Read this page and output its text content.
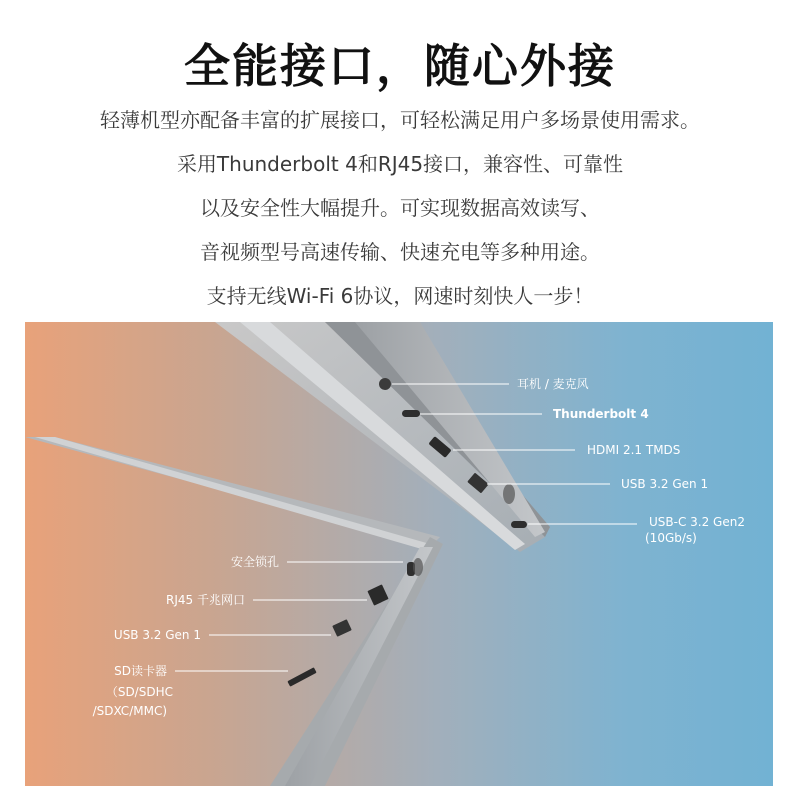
全能接口，随心外接
轻薄机型亦配备丰富的扩展接口，可轻松满足用户多场景使用需求。
采用Thunderbolt 4和RJ45接口，兼容性、可靠性
以及安全性大幅提升。可实现数据高效读写、
音视频型号高速传输、快速充电等多种用途。
支持无线Wi-Fi 6协议，网速时刻快人一步！
耳机 / 麦克风
Thunderbolt 4
HDMI 2.1 TMDS
USB 3.2 Gen 1
USB-C 3.2 Gen2
(10Gb/s)
安全锁孔
RJ45 千兆网口
USB 3.2 Gen 1
SD读卡器
（SD/SDHC
/SDXC/MMC)
